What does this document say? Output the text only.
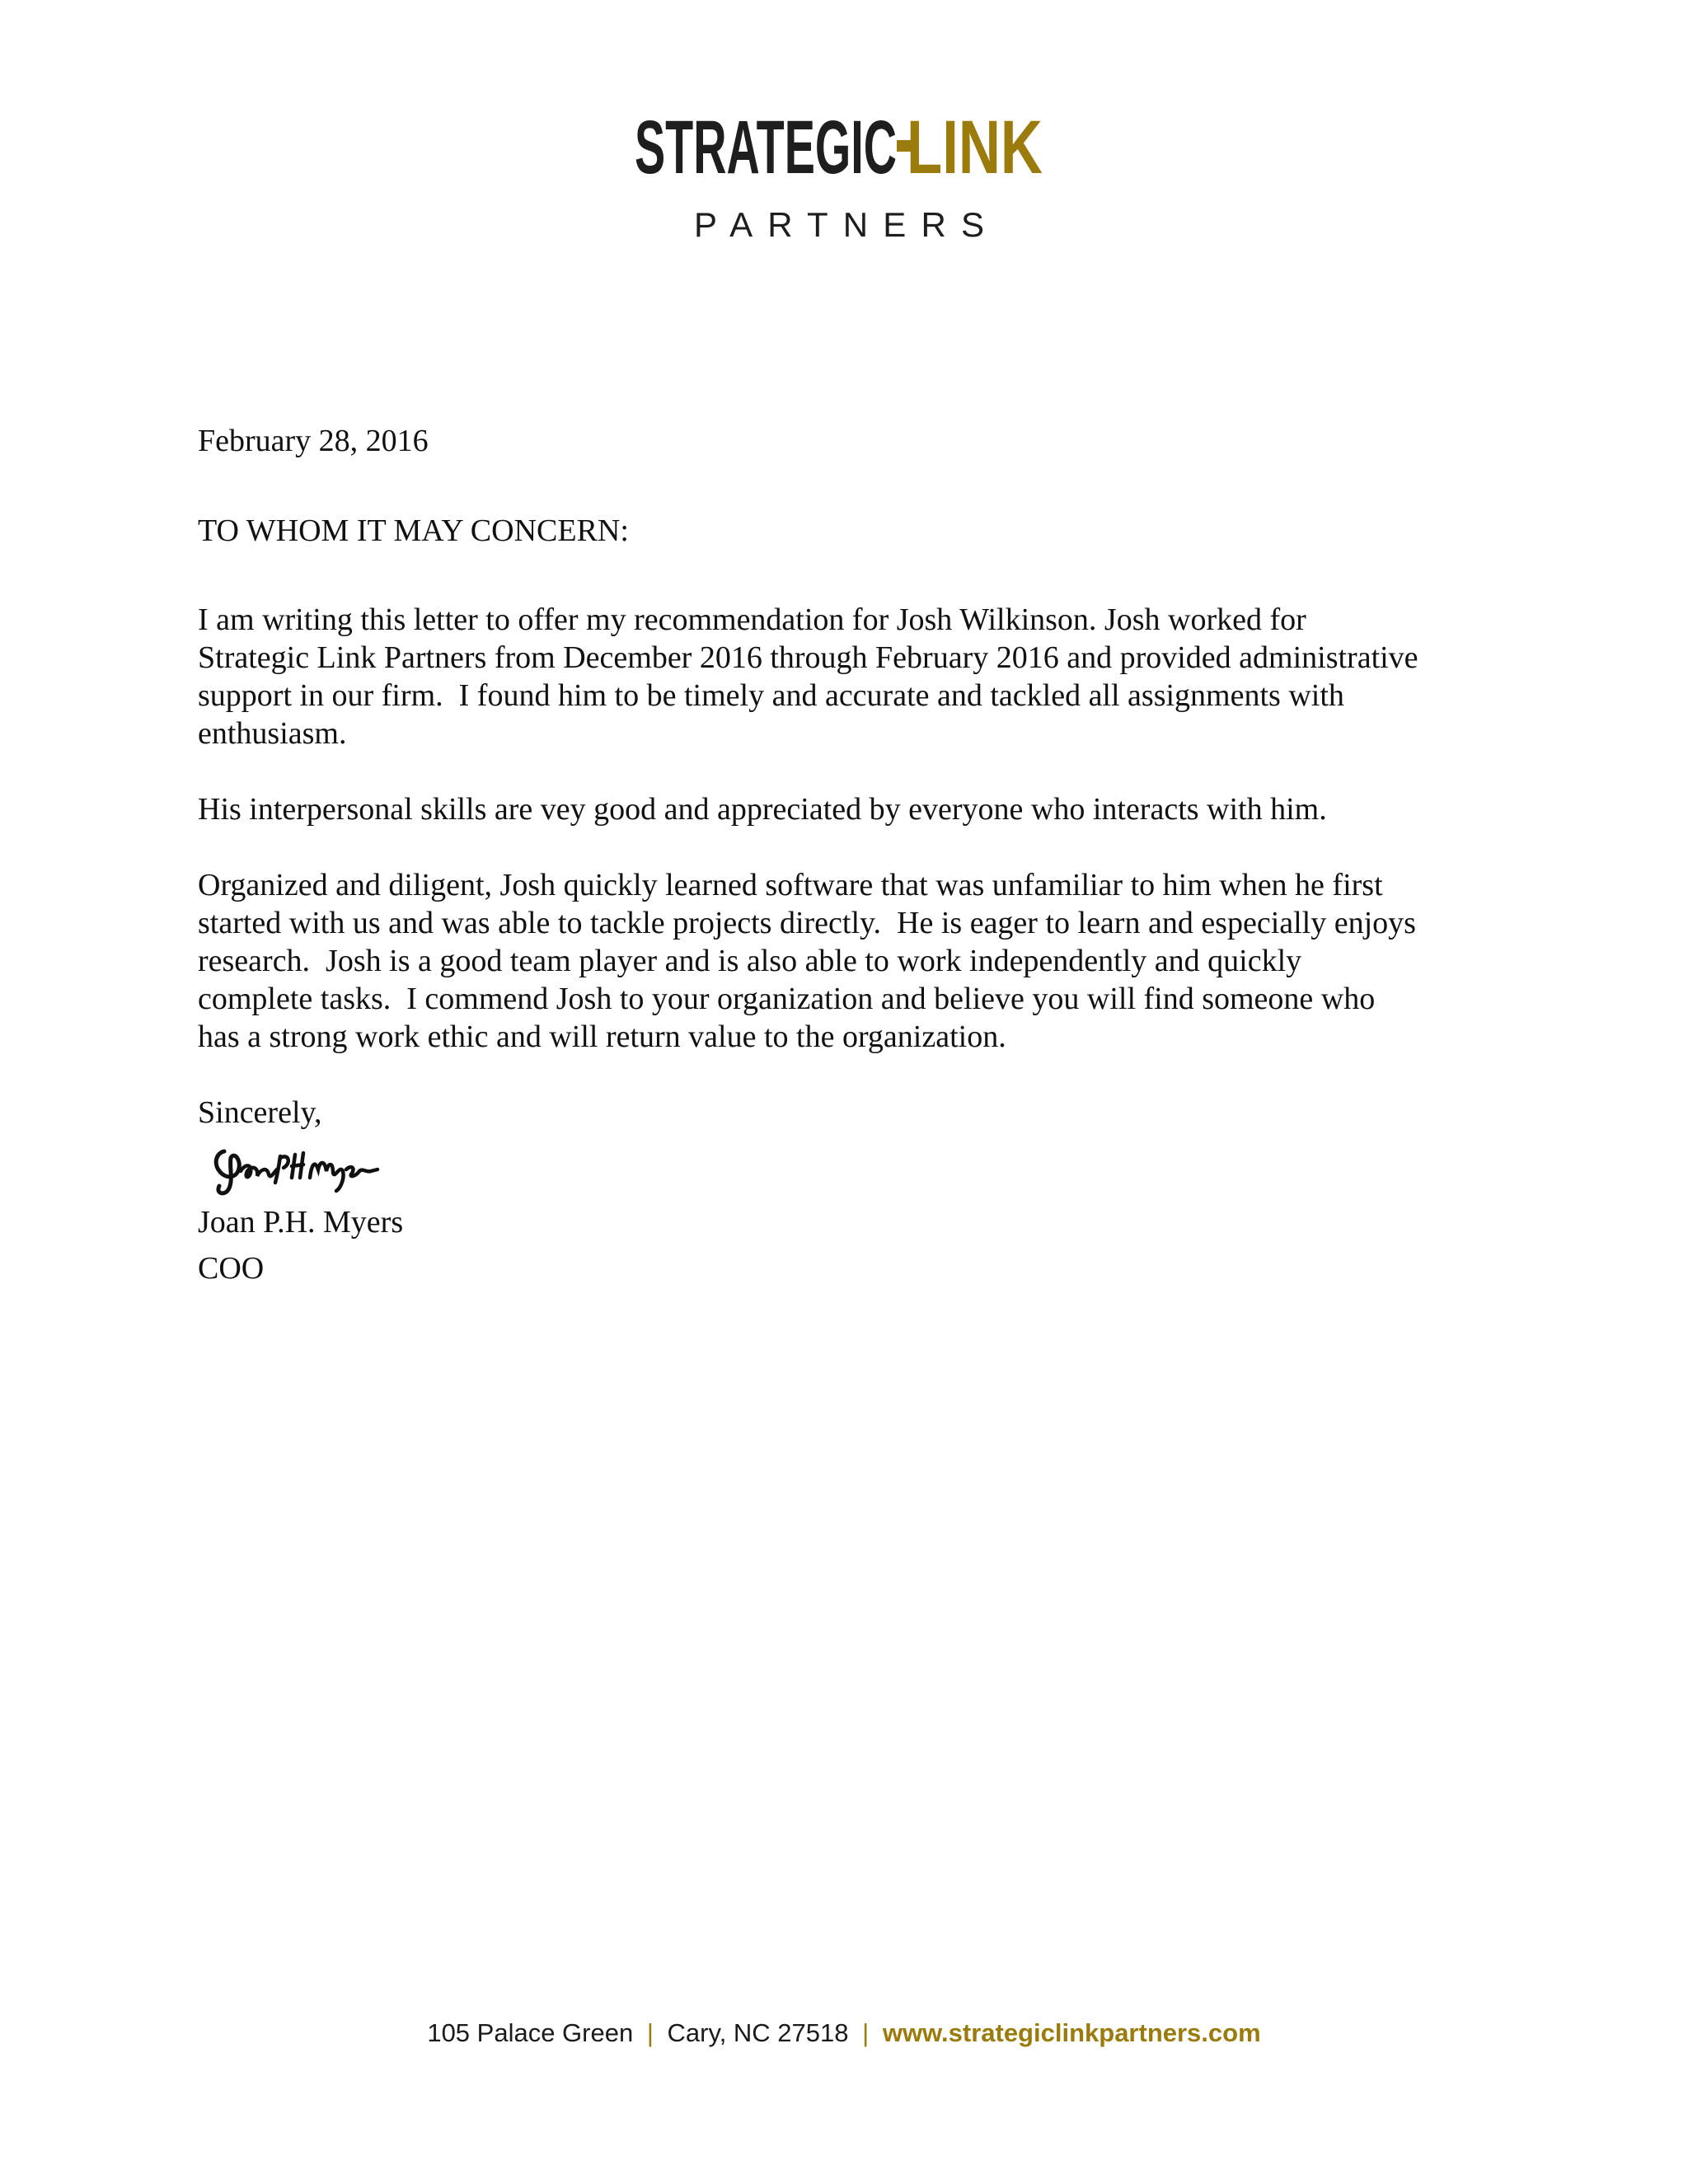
STRATEGIC LINK
PARTNERS

February 28, 2016

TO WHOM IT MAY CONCERN:

I am writing this letter to offer my recommendation for Josh Wilkinson. Josh worked for
Strategic Link Partners from December 2016 through February 2016 and provided administrative
support in our firm.  I found him to be timely and accurate and tackled all assignments with
enthusiasm.

His interpersonal skills are vey good and appreciated by everyone who interacts with him.

Organized and diligent, Josh quickly learned software that was unfamiliar to him when he first
started with us and was able to tackle projects directly.  He is eager to learn and especially enjoys
research.  Josh is a good team player and is also able to work independently and quickly
complete tasks.  I commend Josh to your organization and believe you will find someone who
has a strong work ethic and will return value to the organization.

Sincerely,

Joan P.H. Myers

COO

105 Palace Green | Cary, NC 27518 | www.strategiclinkpartners.com
